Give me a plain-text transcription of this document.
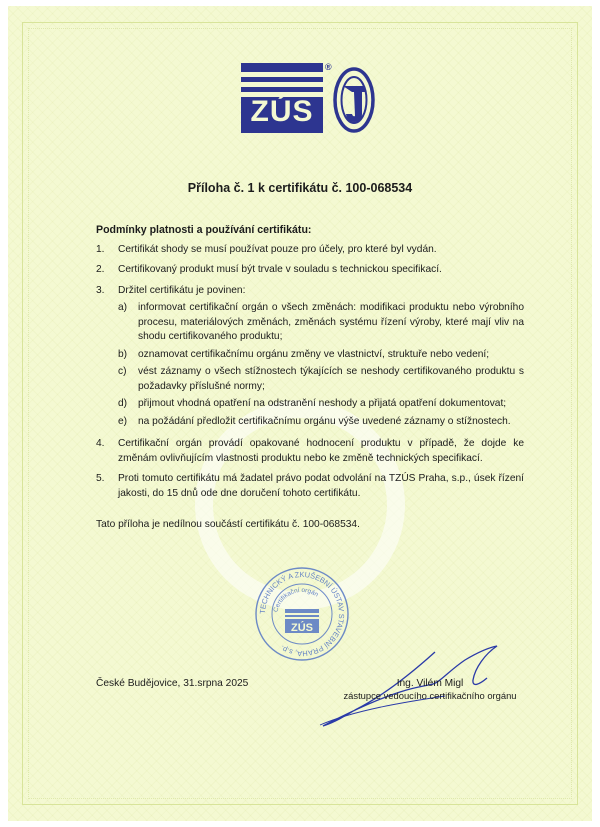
ZÚS
®
Příloha č. 1 k certifikátu č. 100-068534
Podmínky platnosti a používání certifikátu:
1.	Certifikát shody se musí používat pouze pro účely, pro které byl vydán.
2.	Certifikovaný produkt musí být trvale v souladu s technickou specifikací.
3.	Držitel certifikátu je povinen:
a)	informovat certifikační orgán o všech změnách: modifikaci produktu nebo výrobního procesu, materiálových změnách, změnách systému řízení výroby, které mají vliv na shodu certifikovaného produktu;
b)	oznamovat certifikačnímu orgánu změny ve vlastnictví, struktuře nebo vedení;
c)	vést záznamy o všech stížnostech týkajících se neshody certifikovaného produktu s požadavky příslušné normy;
d)	přijmout vhodná opatření na odstranění neshody a přijatá opatření dokumentovat;
e)	na požádání předložit certifikačnímu orgánu výše uvedené záznamy o stížnostech.
4.	Certifikační orgán provádí opakované hodnocení produktu v případě, že dojde ke změnám ovlivňujícím vlastnosti produktu nebo ke změně technických specifikací.
5.	Proti tomuto certifikátu má žadatel právo podat odvolání na TZÚS Praha, s.p., úsek řízení jakosti, do 15 dnů ode dne doručení tohoto certifikátu.
Tato příloha je nedílnou součástí certifikátu č. 100-068534.
TECHNICKÝ A ZKUŠEBNÍ ÚSTAV STAVEBNÍ PRAHA, s.p.
Certifikační orgán
ZÚS
České Budějovice, 31.srpna 2025	Ing. Vilém Migl
zástupce vedoucího certifikačního orgánu
